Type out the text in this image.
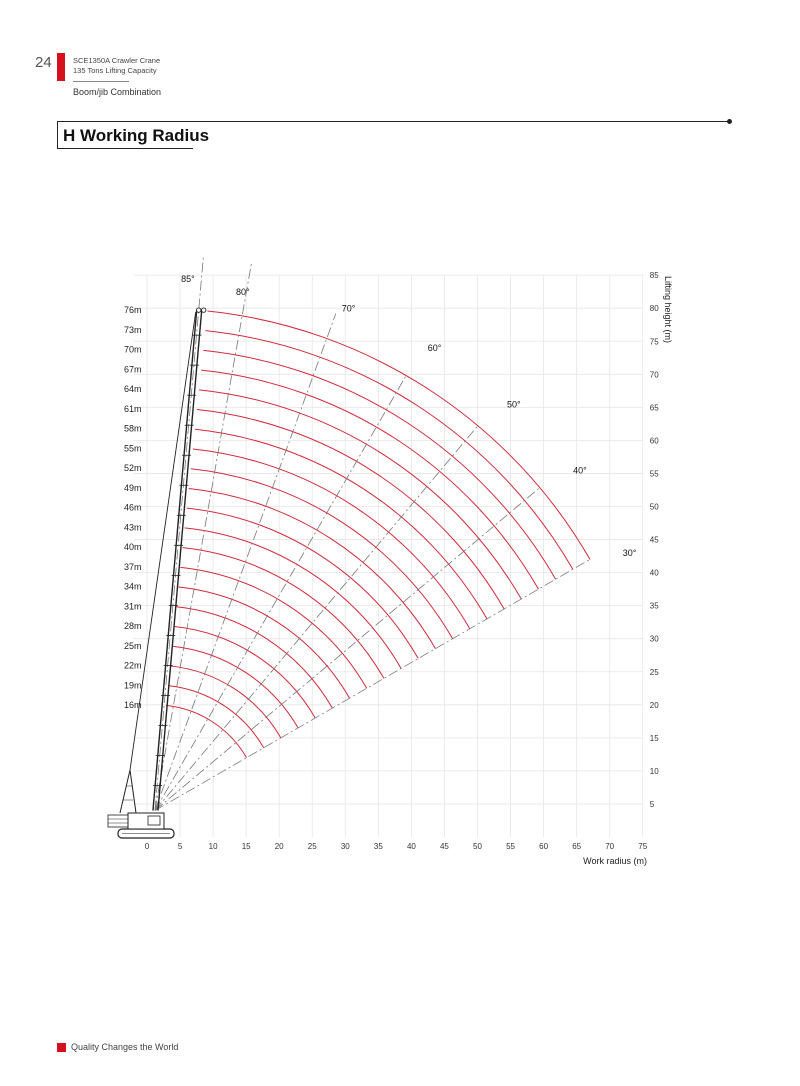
24	SCE1350A Crawler Crane
135 Tons Lifting Capacity
Boom/jib Combination
H Working Radius
0	5	10	15	20	25	30	35	40	45	50	55	60	65	70	75
5
10
15
20
25
30
35
40
45
50
55
60
65
70
75
80
85
Work radius (m)
Lifting height (m)
85°
80°
70°
60°
50°
40°
30°
16m
19m
22m
25m
28m
31m
34m
37m
40m
43m
46m
49m
52m
55m
58m
61m
64m
67m
70m
73m
76m
Quality Changes the World
